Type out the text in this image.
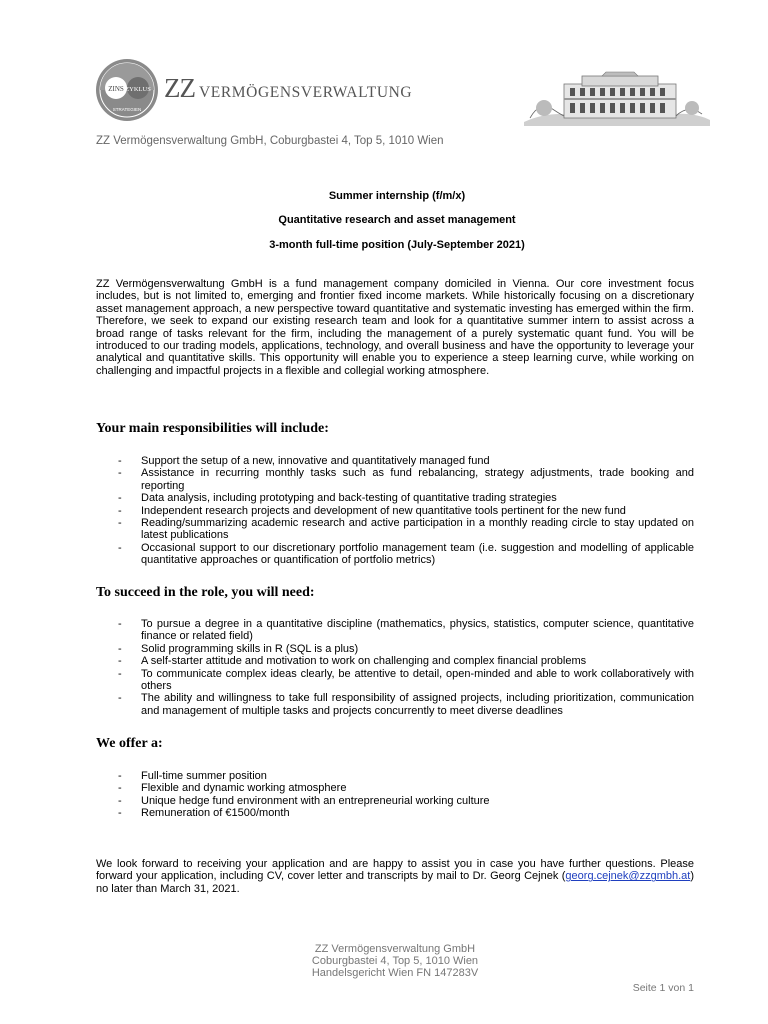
ZINS ZYKLUS
STRATEGIEN
ZZ VERMÖGENSVERWALTUNG
ZZ Vermögensverwaltung GmbH, Coburgbastei 4, Top 5, 1010 Wien
Summer internship (f/m/x)
Quantitative research and asset management
3-month full-time position (July-September 2021)
ZZ Vermögensverwaltung GmbH is a fund management company domiciled in Vienna. Our core investment focus includes, but is not limited to, emerging and frontier fixed income markets. While historically focusing on a discretionary asset management approach, a new perspective toward quantitative and systematic investing has emerged within the firm. Therefore, we seek to expand our existing research team and look for a quantitative summer intern to assist across a broad range of tasks relevant for the firm, including the management of a purely systematic quant fund. You will be introduced to our trading models, applications, technology, and overall business and have the opportunity to leverage your analytical and quantitative skills. This opportunity will enable you to experience a steep learning curve, while working on challenging and impactful projects in a flexible and collegial working atmosphere.
Your main responsibilities will include:
- Support the setup of a new, innovative and quantitatively managed fund
- Assistance in recurring monthly tasks such as fund rebalancing, strategy adjustments, trade booking and reporting
- Data analysis, including prototyping and back-testing of quantitative trading strategies
- Independent research projects and development of new quantitative tools pertinent for the new fund
- Reading/summarizing academic research and active participation in a monthly reading circle to stay updated on latest publications
- Occasional support to our discretionary portfolio management team (i.e. suggestion and modelling of applicable quantitative approaches or quantification of portfolio metrics)
To succeed in the role, you will need:
- To pursue a degree in a quantitative discipline (mathematics, physics, statistics, computer science, quantitative finance or related field)
- Solid programming skills in R (SQL is a plus)
- A self-starter attitude and motivation to work on challenging and complex financial problems
- To communicate complex ideas clearly, be attentive to detail, open-minded and able to work collaboratively with others
- The ability and willingness to take full responsibility of assigned projects, including prioritization, communication and management of multiple tasks and projects concurrently to meet diverse deadlines
We offer a:
- Full-time summer position
- Flexible and dynamic working atmosphere
- Unique hedge fund environment with an entrepreneurial working culture
- Remuneration of €1500/month
We look forward to receiving your application and are happy to assist you in case you have further questions. Please forward your application, including CV, cover letter and transcripts by mail to Dr. Georg Cejnek (georg.cejnek@zzgmbh.at) no later than March 31, 2021.
ZZ Vermögensverwaltung GmbH
Coburgbastei 4, Top 5, 1010 Wien
Handelsgericht Wien FN 147283V
Seite 1 von 1
